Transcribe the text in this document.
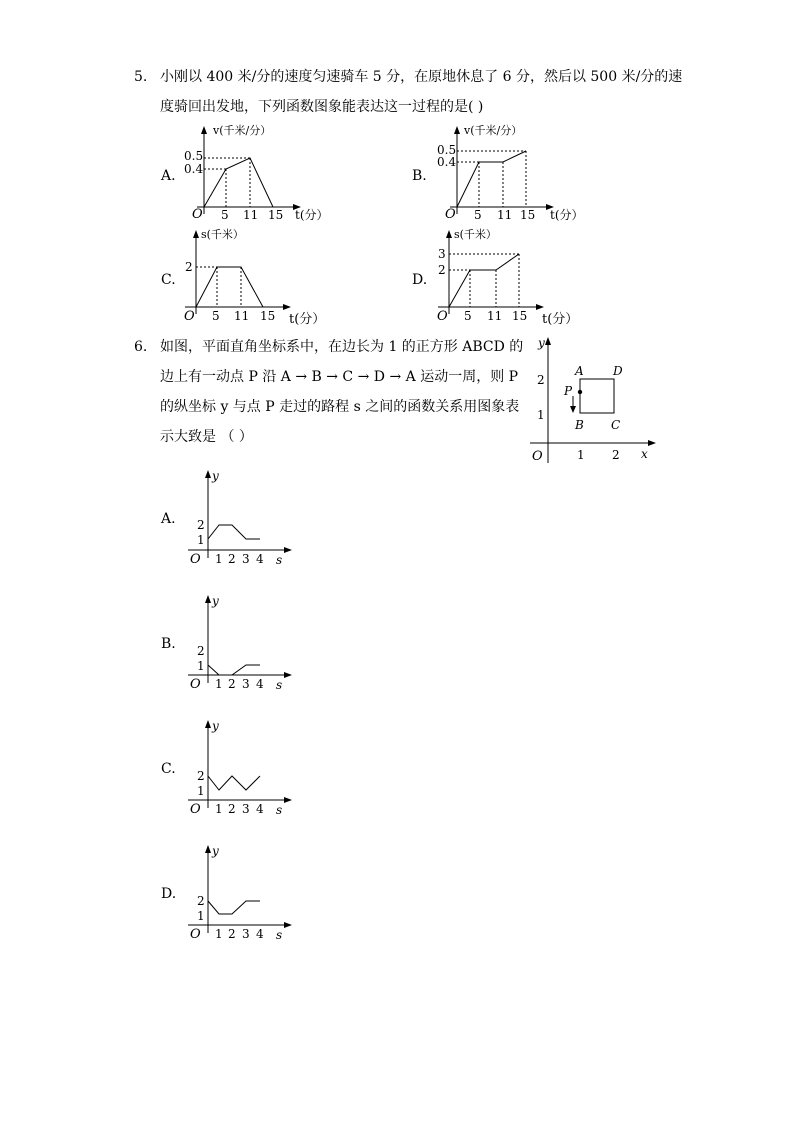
5. 小刚以 400 米/分的速度匀速骑车 5 分，在原地休息了 6 分，然后以 500 米/分的速
度骑回出发地，下列函数图象能表达这一过程的是( )
A.
v(千米/分）
t(分）
O
0.5
0.4
5 11 15
B.
v(千米/分）
t(分）
O
0.5
0.4
5 11 15
C.
s(千米）
t(分）
O
2
5 11 15
D.
s(千米）
t(分）
O
3
2
5 11 15
6. 如图，平面直角坐标系中，在边长为 1 的正方形 ABCD 的
边上有一动点 P 沿 A → B → C → D → A 运动一周，则 P
的纵坐标 y 与点 P 走过的路程 s 之间的函数关系用图象表
示大致是 （ ）
y
x
O
2
1
1 2
A D
B C
P
A.
y
s
O
2
1
1 2 3 4
B.
y
s
O
2
1
1 2 3 4
C.
y
s
O
2
1
1 2 3 4
D.
y
s
O
2
1
1 2 3 4
